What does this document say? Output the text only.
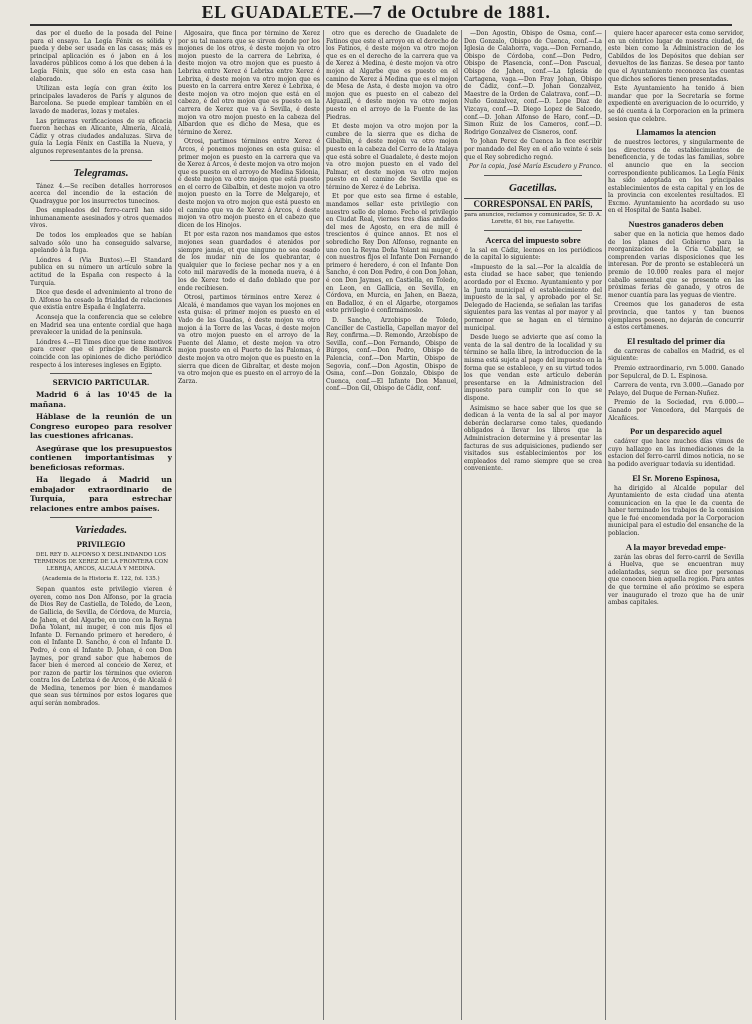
EL GUADALETE.—7 de Octubre de 1881.

das por el dueño de la posada del Peine para el ensayo. La Legía Fénix es sólida y pueda y debe ser usada en las casas; más es principal aplicación es ó jabon en á los lavaderos públicos como á los que deben á la Legía Fénix, que sólo en esta casa han elaborado.

Utilizan esta legía con gran éxito los principales lavaderos de París y algunos de Barcelona. Se puede emplear también en el lavado de maderas, lozas y metales.

Las primeras verificaciones de su eficacia fueron hechas en Alicante, Almería, Alcalá, Cádiz y otras ciudades andaluzas. Sirva de guía la Legía Fénix en Castilla la Nueva, y algunos representantes de la prensa.

Telegramas.

Tánez 4.—Se reciben detalles horrorosos acerca del incendio de la estación de Quadraygue por los insurrectos tunecinos.

Dos empleados del ferro-carril han sido inhumanamente asesinados y otros quemados vivos.

De todos los empleados que se habían salvado sólo uno ha conseguido salvarse, apelando á la fuga.

Lóndres 4 (Via Buxtos).—El Standard publica en su número un artículo sobre la actitud de la España con respecto á la Turquía.

Dice que desde el advenimiento al trono de D. Alfonso ha cesado la frialdad de relaciones que existía entre España é Inglaterra.

Aconseja que la conferencia que se celebre en Madrid sea una entente cordial que haga prevalecer la unidad de la península.

Lóndres 4.—El Times dice que tiene motivos para creer que el príncipe de Bismarck coincide con las opiniones de dicho periódico respecto á los intereses ingleses en Egipto.

SERVICIO PARTICULAR.
Madrid 6 á las 10'45 de la mañana.
Háblase de la reunión de un Congreso europeo para resolver las cuestiones africanas.
Asegúrase que los presupuestos contienen importantísimas y beneficiosas reformas.
Ha llegado á Madrid un embajador extraordinario de Turquía, para estrechar relaciones entre ambos países.
Variedades.
PRIVILEGIO
DEL REY D. ALFONSO X DESLINDANDO LOS TERMINOS DE XEREZ DE LA FRONTERA CON LEBRIJA, ARCOS, ALCALÁ Y MEDINA.
(Academia de la Historia E. 122, fol. 135.)

Sepan quantos este privilegio vieren é oyeren, como nos Don Alfonso, por la gracia de Dios Rey de Castiella, de Toledo, de Leon, de Gallicia, de Sevilla, de Córdova, de Murcia, de Jahen, et del Algarbe, en uno con la Reyna Doña Yolant, mi muger, é con mis fijos el Infante D. Fernando primero et heredero, é con el Infante D. Sancho, é con el Infante D. Pedro, é con el Infante D. Johan, é con Don Jaymes, por grand sabor que habemos de facer bien é merced al conceio de Xerez, et por razon de partir los términos que ovieron contra los de Lebrixa é de Arcos, é de Alcalá é de Medina, tenemos por bien é mandamos que sean sus términos por estos logares que aquí serán nombrados.

Algosaira, que finca por término de Xerez por su tal manera que se sirven dende por los mojones de los otros, é deste mojon va otro mojon puesto de la carrera de Lebrixa, é deste mojon va otro mojon que es puesto á Lebrixa entre Xerez é Lebrixa entre Xerez é Lebrixa, é deste mojon va otro mojon que es puesto en la carrera entre Xerez é Lebrixa, é deste mojon va otro mojon que está en el cabezo, é del otro mojon que es puesto en la carrera de Xerez que va á Sevilla, é deste mojon va otro mojon puesto en la cabeza del Albardon que es dicho de Mesa, que es término de Xerez.

Otrosi, partimos términos entre Xerez é Arcos, é ponemos mojones en esta guisa: el primer mojon es puesto en la carrera que va de Xerez á Arcos, é deste mojon va otro mojon que es puesto en el arroyo de Medina Sidonia, é deste mojon va otro mojon que está puesto en el cerro de Gibalbin, et deste mojon va otro mojon puesto en la Torre de Melgarejo, et deste mojon va otro mojon que está puesto en el camino que va de Xerez á Arcos, é deste mojon va otro mojon puesto en el cabezo que dicen de los Hinojos.

Et por esta razon nos mandamos que estos mojones sean guardados é atenidos por siempre jamás, et que ninguno no sea osado de los mudar nin de los quebrantar, é qualquier que lo feciese pechar nos y a en coto mil maravedís de la moneda nueva, é á los de Xerez todo el daño doblado que por ende recibiesen.

Otrosi, partimos términos entre Xerez é Alcalá, é mandamos que vayan los mojones en esta guisa: el primer mojon es puesto en el Vado de las Guadas, é deste mojon va otro mojon á la Torre de las Vacas, é deste mojon va otro mojon puesto en el arroyo de la Fuente del Alamo, et deste mojon va otro mojon puesto en el Puerto de las Palomas, é deste mojon va otro mojon que es puesto en la sierra que dicen de Gibraltar, et deste mojon va otro mojon que es puesto en el arroyo de la Zarza.

otro que es derecho de Guadalete de Fatinos que este el arroyo en el derecho de los Fatinos, é deste mojon va otro mojon que es en el derecho de la carrera que va de Xerez á Medina, é deste mojon va otro mojon al Algarbe que es puesto en el camino de Xerez á Medina que es el mojon de Mesa de Asta, é deste mojon va otro mojon que es puesto en el cabezo del Alguazil, é deste mojon va otro mojon puesto en el arroyo de la Fuente de las Piedras.

Et deste mojon va otro mojon por la cumbre de la sierra que es dicha de Gibalbin, é deste mojon va otro mojon puesto en la cabeza del Cerro de la Atalaya que está sobre el Guadalete, é deste mojon va otro mojon puesto en el vado del Palmar, et deste mojon va otro mojon puesto en el camino de Sevilla que es término de Xerez é de Lebrixa.

Et por que esto sea firme é estable, mandamos sellar este privilegio con nuestro sello de plomo. Fecho el privilegio en Ciudat Real, viernes tres dias andados del mes de Agosto, en era de mill é trescientos é quince annos. Et nos el sobredicho Rey Don Alfonso, regnante en uno con la Reyna Doña Yolant mi muger, é con nuestros fijos el Infante Don Fernando primero é heredero, é con el Infante Don Sancho, é con Don Pedro, é con Don Johan, é con Don Jaymes, en Castiella, en Toledo, en Leon, en Gallicia, en Sevilla, en Córdova, en Murcia, en Jahen, en Baeza, en Badalloz, é en el Algarbe, otorgamos este privilegio é confirmámoslo.

D. Sancho, Arzobispo de Toledo, Canciller de Castiella, Capellan mayor del Rey, confirma.—D. Remondo, Arzobispo de Sevilla, conf.—Don Fernando, Obispo de Búrgos, conf.—Don Pedro, Obispo de Palencia, conf.—Don Martin, Obispo de Segovia, conf.—Don Agostin, Obispo de Osma, conf.—Don Gonzalo, Obispo de Cuenca, conf.—El Infante Don Manuel, conf.—Don Gil, Obispo de Cádiz, conf.

—Don Agostin, Obispo de Osma, conf.—Don Gonzalo, Obispo de Cuenca, conf.—La Iglesia de Calahorra, vaga.—Don Fernando, Obispo de Córdoba, conf.—Don Pedro, Obispo de Plasencia, conf.—Don Pascual, Obispo de Jahen, conf.—La Iglesia de Cartagena, vaga.—Don Fray Johan, Obispo de Cádiz, conf.—D. Johan Gonzalvez, Maestre de la Orden de Calatrava, conf.—D. Nuño Gonzalvez, conf.—D. Lope Diaz de Vizcaya, conf.—D. Diego Lopez de Salcedo, conf.—D. Johan Alfonso de Haro, conf.—D. Simon Ruiz de los Cameros, conf.—D. Rodrigo Gonzalvez de Cisneros, conf.

Yo Johan Perez de Cuenca la fice escribir por mandado del Rey en el año veinte é seis que el Rey sobredicho regnó.

Por la copia, José María Escudero y Franco.
Gacetillas.
CORRESPONSAL EN PARÍS,
para anuncios, reclamos y comunicados, Sr. D. A. Lorette, 61 bis, rue Lafayette.
Acerca del impuesto sobre

la sal en Cádiz, leemos en los periódicos de la capital lo siguiente:

«Impuesto de la sal.—Por la alcaldía de esta ciudad se hace saber, que teniendo acordado por el Excmo. Ayuntamiento y por la Junta municipal el establecimiento del impuesto de la sal, y aprobado por el Sr. Delegado de Hacienda, se señalan las tarifas siguientes para las ventas al por mayor y al pormenor que se hagan en el término municipal.

Desde luego se advierte que así como la venta de la sal dentro de la localidad y su término se halla libre, la introduccion de la misma está sujeta al pago del impuesto en la forma que se establece, y en su virtud todos los que vendan este artículo deberán presentarse en la Administracion del impuesto para cumplir con lo que se dispone.

Asimismo se hace saber que los que se dedican á la venta de la sal al por mayor deberán declararse como tales, quedando obligados á llevar los libros que la Administracion determine y á presentar las facturas de sus adquisiciones, pudiendo ser visitados sus establecimientos por los empleados del ramo siempre que se crea conveniente.

quiere hacer aparecer esta como servidor, en un céntrico lugar de nuestra ciudad, de este bien como la Administracion de los Cabildos de los Depósitos que debian ser devueltos de las fianzas. Se desea por tanto que el Ayuntamiento reconozca las cuentas que dichos señores tienen presentadas.

Este Ayuntamiento ha tenido á bien mandar que por la Secretaría se forme expediente en averiguacion de lo ocurrido, y se dé cuenta á la Corporacion en la primera sesion que celebre.

Llamamos la atencion

de nuestros lectores, y singularmente de los directores de establecimientos de beneficencia, y de todas las familias, sobre el anuncio que en la seccion correspondiente publicamos. La Legía Fénix ha sido adoptada en los principales establecimientos de esta capital y en los de la provincia con excelentes resultados. El Excmo. Ayuntamiento ha acordado su uso en el Hospital de Santa Isabel.

Nuestros ganaderos deben

saber que en la noticia que hemos dado de los planes del Gobierno para la reorganizacion de la Cría Caballar, se comprenden varias disposiciones que les interesan. Por de pronto se establecerá un premio de 10.000 reales para el mejor caballo semental que se presente en las próximas ferias de ganado, y otros de menor cuantía para las yeguas de vientre.

Creemos que los ganaderos de esta provincia, que tantos y tan buenos ejemplares poseen, no dejarán de concurrir á estos certámenes.

El resultado del primer día

de carreras de caballos en Madrid, es el siguiente:

Premio extraordinario, rvn 5.000. Ganado por Sepulcral, de D. L. Espinosa.

Carrera de venta, rvn 3.000.—Ganado por Pelayo, del Duque de Fernan-Nuñez.

Premio de la Sociedad, rvn 6.000.—Ganado por Vencedora, del Marqués de Alcañices.

Por un desparecido aquel

cadáver que hace muchos días vimos de cuyo hallazgo en las inmediaciones de la estacion del ferro-carril dimos noticia, no se ha podido averiguar todavía su identidad.

El Sr. Moreno Espinosa,

ha dirigido al Alcalde popular del Ayuntamiento de esta ciudad una atenta comunicacion en la que le da cuenta de haber terminado los trabajos de la comision que le fué encomendada por la Corporacion municipal para el estudio del ensanche de la poblacion.

A la mayor brevedad empe-

zarán las obras del ferro-carril de Sevilla á Huelva, que se encuentran muy adelantadas, segun se dice por personas que conocen bien aquella region. Para antes de que termine el año próximo se espera ver inaugurado el trozo que ha de unir ambas capitales.
